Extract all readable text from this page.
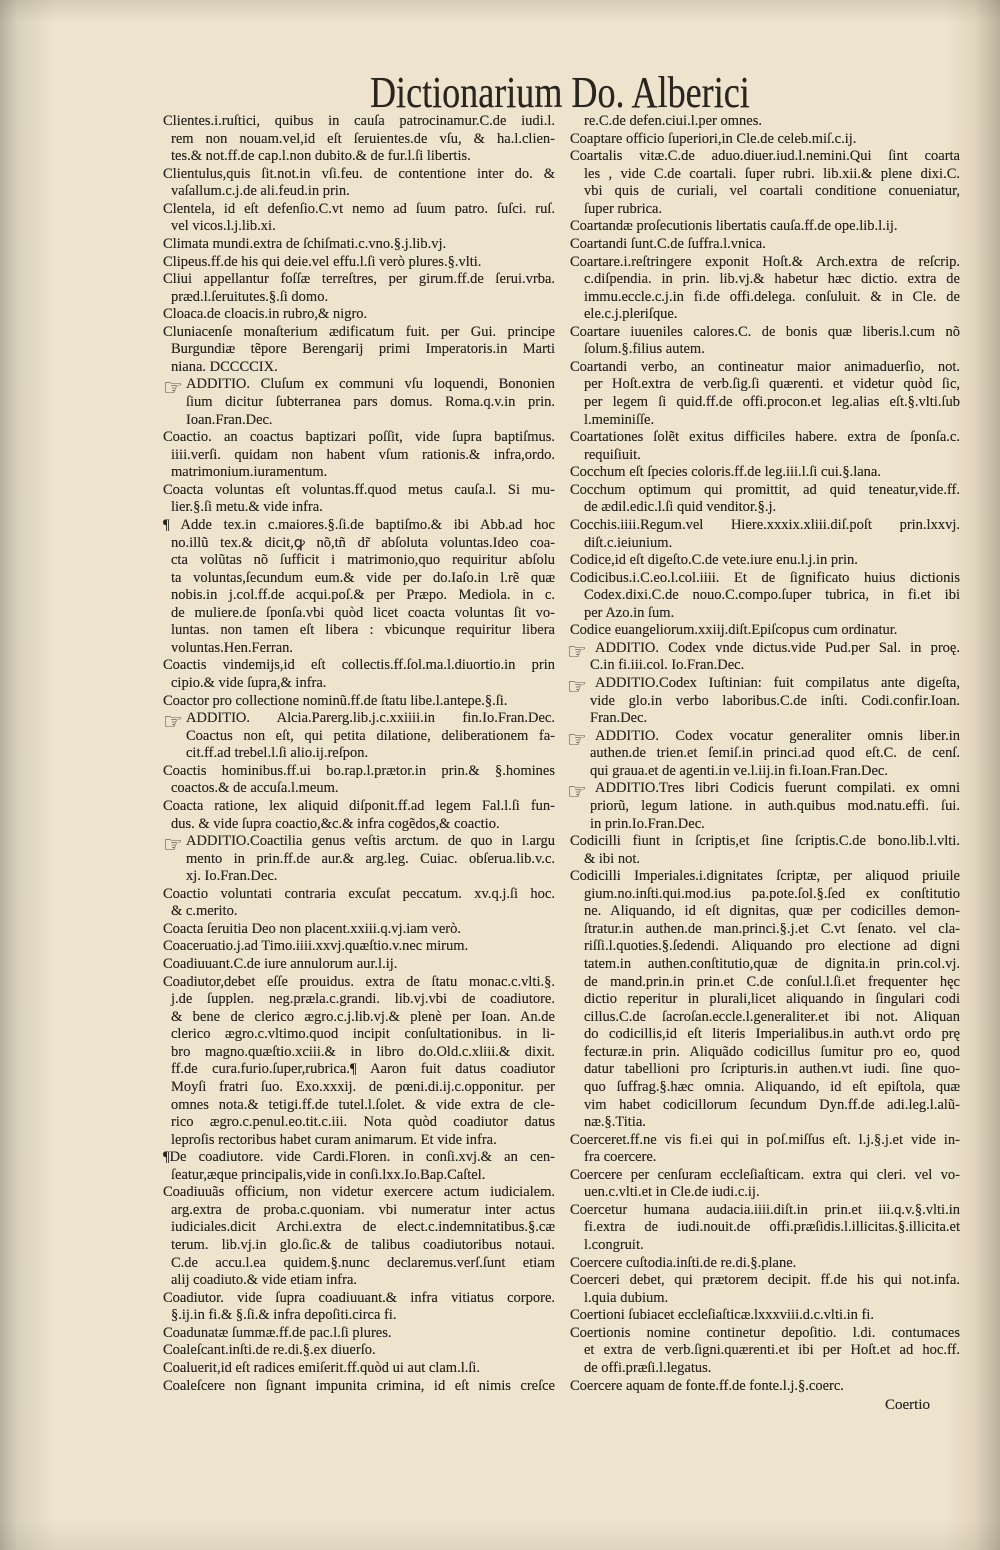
Dictionarium Do. Alberici
Clientes.i.ruſtici, quibus in cauſa patrocinamur.C.de iudi.l.
rem non nouam.vel,id eſt ſeruientes.de vſu, & ha.l.clien-
tes.& not.ff.de cap.l.non dubito.& de fur.l.ſi libertis.
Clientulus,quis ſit.not.in vſi.feu. de contentione inter do. &
vaſallum.c.j.de ali.feud.in prin.
Clentela, id eſt defenſio.C.vt nemo ad ſuum patro. ſuſci. ruſ.
vel vicos.l.j.lib.xi.
Climata mundi.extra de ſchiſmati.c.vno.§.j.lib.vj.
Clipeus.ff.de his qui deie.vel effu.l.ſi verò plures.§.vlti.
Cliui appellantur foſſæ terreſtres, per girum.ff.de ſerui.vrba.
præd.l.ſeruitutes.§.ſi domo.
Cloaca.de cloacis.in rubro,& nigro.
Cluniacenſe monaſterium ædificatum fuit. per Gui. principe
Burgundiæ tẽpore Berengarij primi Imperatoris.in Marti
niana. DCCCCIX.
☞ ADDITIO. Cluſum ex communi vſu loquendi, Bononien
ſium dicitur ſubterranea pars domus. Roma.q.v.in prin.
Ioan.Fran.Dec.
Coactio. an coactus baptizari poſſit, vide ſupra baptiſmus.
iiii.verſi. quidam non habent vſum rationis.& infra,ordo.
matrimonium.iuramentum.
Coacta voluntas eſt voluntas.ff.quod metus cauſa.l. Si mu-
lier.§.ſi metu.& vide infra.
¶ Adde tex.in c.maiores.§.ſi.de baptiſmo.& ibi Abb.ad hoc
no.illũ tex.& dicit,ꝙ nõ,tñ dr̃ abſoluta voluntas.Ideo coa-
cta volũtas nõ ſufficit i matrimonio,quo requiritur abſolu
ta voluntas,ſecundum eum.& vide per do.Iaſo.in l.rẽ quæ
nobis.in j.col.ff.de acqui.poſ.& per Præpo. Mediola. in c.
de muliere.de ſponſa.vbi quòd licet coacta voluntas ſit vo-
luntas. non tamen eſt libera : vbicunque requiritur libera
voluntas.Hen.Ferran.
Coactis vindemijs,id eſt collectis.ff.ſol.ma.l.diuortio.in prin
cipio.& vide ſupra,& infra.
Coactor pro collectione nominũ.ff.de ſtatu libe.l.antepe.§.ſi.
☞ ADDITIO. Alcia.Parerg.lib.j.c.xxiiii.in fin.Io.Fran.Dec.
Coactus non eſt, qui petita dilatione, deliberationem fa-
cit.ff.ad trebel.l.ſi alio.ij.reſpon.
Coactis hominibus.ff.ui bo.rap.l.prætor.in prin.& §.homines
coactos.& de accuſa.l.meum.
Coacta ratione, lex aliquid diſponit.ff.ad legem Fal.l.ſi fun-
dus. & vide ſupra coactio,&c.& infra cogẽdos,& coactio.
☞ ADDITIO.Coactilia genus veſtis arctum. de quo in l.argu
mento in prin.ff.de aur.& arg.leg. Cuiac. obſerua.lib.v.c.
xj. Io.Fran.Dec.
Coactio voluntati contraria excuſat peccatum. xv.q.j.ſi hoc.
& c.merito.
Coacta ſeruitia Deo non placent.xxiii.q.vj.iam verò.
Coaceruatio.j.ad Timo.iiii.xxvj.quæſtio.v.nec mirum.
Coadiuuant.C.de iure annulorum aur.l.ij.
Coadiutor,debet eſſe prouidus. extra de ſtatu monac.c.vlti.§.
j.de ſupplen. neg.præla.c.grandi. lib.vj.vbi de coadiutore.
& bene de clerico ægro.c.j.lib.vj.& plenè per Ioan. An.de
clerico ægro.c.vltimo.quod incipit conſultationibus. in li-
bro magno.quæſtio.xciii.& in libro do.Old.c.xliii.& dixit.
ff.de cura.furio.ſuper,rubrica.¶ Aaron fuit datus coadiutor
Moyſi fratri ſuo. Exo.xxxij. de pœni.di.ij.c.opponitur. per
omnes nota.& tetigi.ff.de tutel.l.ſolet. & vide extra de cle-
rico ægro.c.penul.eo.tit.c.iii. Nota quòd coadiutor datus
leproſis rectoribus habet curam animarum. Et vide infra.
¶De coadiutore. vide Cardi.Floren. in conſi.xvj.& an cen-
ſeatur,æque principalis,vide in conſi.lxx.Io.Bap.Caſtel.
Coadiuuãs officium, non videtur exercere actum iudicialem.
arg.extra de proba.c.quoniam. vbi numeratur inter actus
iudiciales.dicit Archi.extra de elect.c.indemnitatibus.§.cæ
terum. lib.vj.in glo.ſic.& de talibus coadiutoribus notaui.
C.de accu.l.ea quidem.§.nunc declaremus.verſ.ſunt etiam
alij coadiuto.& vide etiam infra.
Coadiutor. vide ſupra coadiuuant.& infra vitiatus corpore.
§.ij.in fi.& §.ſi.& infra depoſiti.circa fi.
Coadunatæ ſummæ.ff.de pac.l.ſi plures.
Coaleſcant.inſti.de re.di.§.ex diuerſo.
Coaluerit,id eſt radices emiſerit.ff.quòd ui aut clam.l.ſi.
Coaleſcere non ſignant impunita crimina, id eſt nimis creſce
re.C.de defen.ciui.l.per omnes.
Coaptare officio ſuperiori,in Cle.de celeb.miſ.c.ij.
Coartalis vitæ.C.de aduo.diuer.iud.l.nemini.Qui ſint coarta
les , vide C.de coartali. ſuper rubri. lib.xii.& plene dixi.C.
vbi quis de curiali, vel coartali conditione conueniatur,
ſuper rubrica.
Coartandæ proſecutionis libertatis cauſa.ff.de ope.lib.l.ij.
Coartandi ſunt.C.de ſuffra.l.vnica.
Coartare.i.reſtringere exponit Hoſt.& Arch.extra de reſcrip.
c.diſpendia. in prin. lib.vj.& habetur hæc dictio. extra de
immu.eccle.c.j.in fi.de offi.delega. conſuluit. & in Cle. de
ele.c.j.pleriſque.
Coartare iuueniles calores.C. de bonis quæ liberis.l.cum nõ
ſolum.§.filius autem.
Coartandi verbo, an contineatur maior animaduerſio, not.
per Hoſt.extra de verb.ſig.ſi quærenti. et videtur quòd ſic,
per legem ſi quid.ff.de offi.procon.et leg.alias eſt.§.vlti.ſub
l.meminiſſe.
Coartationes ſolẽt exitus difficiles habere. extra de ſponſa.c.
requiſiuit.
Cocchum eſt ſpecies coloris.ff.de leg.iii.l.ſi cui.§.lana.
Cocchum optimum qui promittit, ad quid teneatur,vide.ff.
de ædil.edic.l.ſi quid venditor.§.j.
Cocchis.iiii.Regum.vel Hiere.xxxix.xliii.diſ.poſt prin.lxxvj.
diſt.c.ieiunium.
Codice,id eſt digeſto.C.de vete.iure enu.l.j.in prin.
Codicibus.i.C.eo.l.col.iiii. Et de ſignificato huius dictionis
Codex.dixi.C.de nouo.C.compo.ſuper tubrica, in fi.et ibi
per Azo.in ſum.
Codice euangeliorum.xxiij.diſt.Epiſcopus cum ordinatur.
☞ ADDITIO. Codex vnde dictus.vide Pud.per Sal. in proę.
C.in fi.iii.col. Io.Fran.Dec.
☞ ADDITIO.Codex Iuſtinian: fuit compilatus ante digeſta,
vide glo.in verbo laboribus.C.de inſti. Codi.confir.Ioan.
Fran.Dec.
☞ ADDITIO. Codex vocatur generaliter omnis liber.in
authen.de trien.et ſemiſ.in princi.ad quod eſt.C. de cenſ.
qui graua.et de agenti.in ve.l.iij.in fi.Ioan.Fran.Dec.
☞ ADDITIO.Tres libri Codicis fuerunt compilati. ex omni
priorũ, legum latione. in auth.quibus mod.natu.effi. ſui.
in prin.Io.Fran.Dec.
Codicilli fiunt in ſcriptis,et ſine ſcriptis.C.de bono.lib.l.vlti.
& ibi not.
Codicilli Imperiales.i.dignitates ſcriptæ, per aliquod priuile
gium.no.inſti.qui.mod.ius pa.pote.ſol.§.ſed ex conſtitutio
ne. Aliquando, id eſt dignitas, quæ per codicilles demon-
ſtratur.in authen.de man.princi.§.j.et C.vt ſenato. vel cla-
riſſi.l.quoties.§.ſedendi. Aliquando pro electione ad digni
tatem.in authen.conſtitutio,quæ de dignita.in prin.col.vj.
de mand.prin.in prin.et C.de conſul.l.ſi.et frequenter hęc
dictio reperitur in plurali,licet aliquando in ſingulari codi
cillus.C.de ſacroſan.eccle.l.generaliter.et ibi not. Aliquan
do codicillis,id eſt literis Imperialibus.in auth.vt ordo prę
fecturæ.in prin. Aliquãdo codicillus ſumitur pro eo, quod
datur tabellioni pro ſcripturis.in authen.vt iudi. ſine quo-
quo ſuffrag.§.hæc omnia. Aliquando, id eſt epiſtola, quæ
vim habet codicillorum ſecundum Dyn.ff.de adi.leg.l.alũ-
næ.§.Titia.
Coerceret.ff.ne vis fi.ei qui in poſ.miſſus eſt. l.j.§.j.et vide in-
fra coercere.
Coercere per cenſuram eccleſiaſticam. extra qui cleri. vel vo-
uen.c.vlti.et in Cle.de iudi.c.ij.
Coercetur humana audacia.iiii.diſt.in prin.et iii.q.v.§.vlti.in
fi.extra de iudi.nouit.de offi.præſidis.l.illicitas.§.illicita.et
l.congruit.
Coercere cuſtodia.inſti.de re.di.§.plane.
Coerceri debet, qui prætorem decipit. ff.de his qui not.infa.
l.quia dubium.
Coertioni ſubiacet eccleſiaſticæ.lxxxviii.d.c.vlti.in fi.
Coertionis nomine continetur depoſitio. l.di. contumaces
et extra de verb.ſigni.quærenti.et ibi per Hoſt.et ad hoc.ff.
de offi.præſi.l.legatus.
Coercere aquam de fonte.ff.de fonte.l.j.§.coerc.
Coertio
